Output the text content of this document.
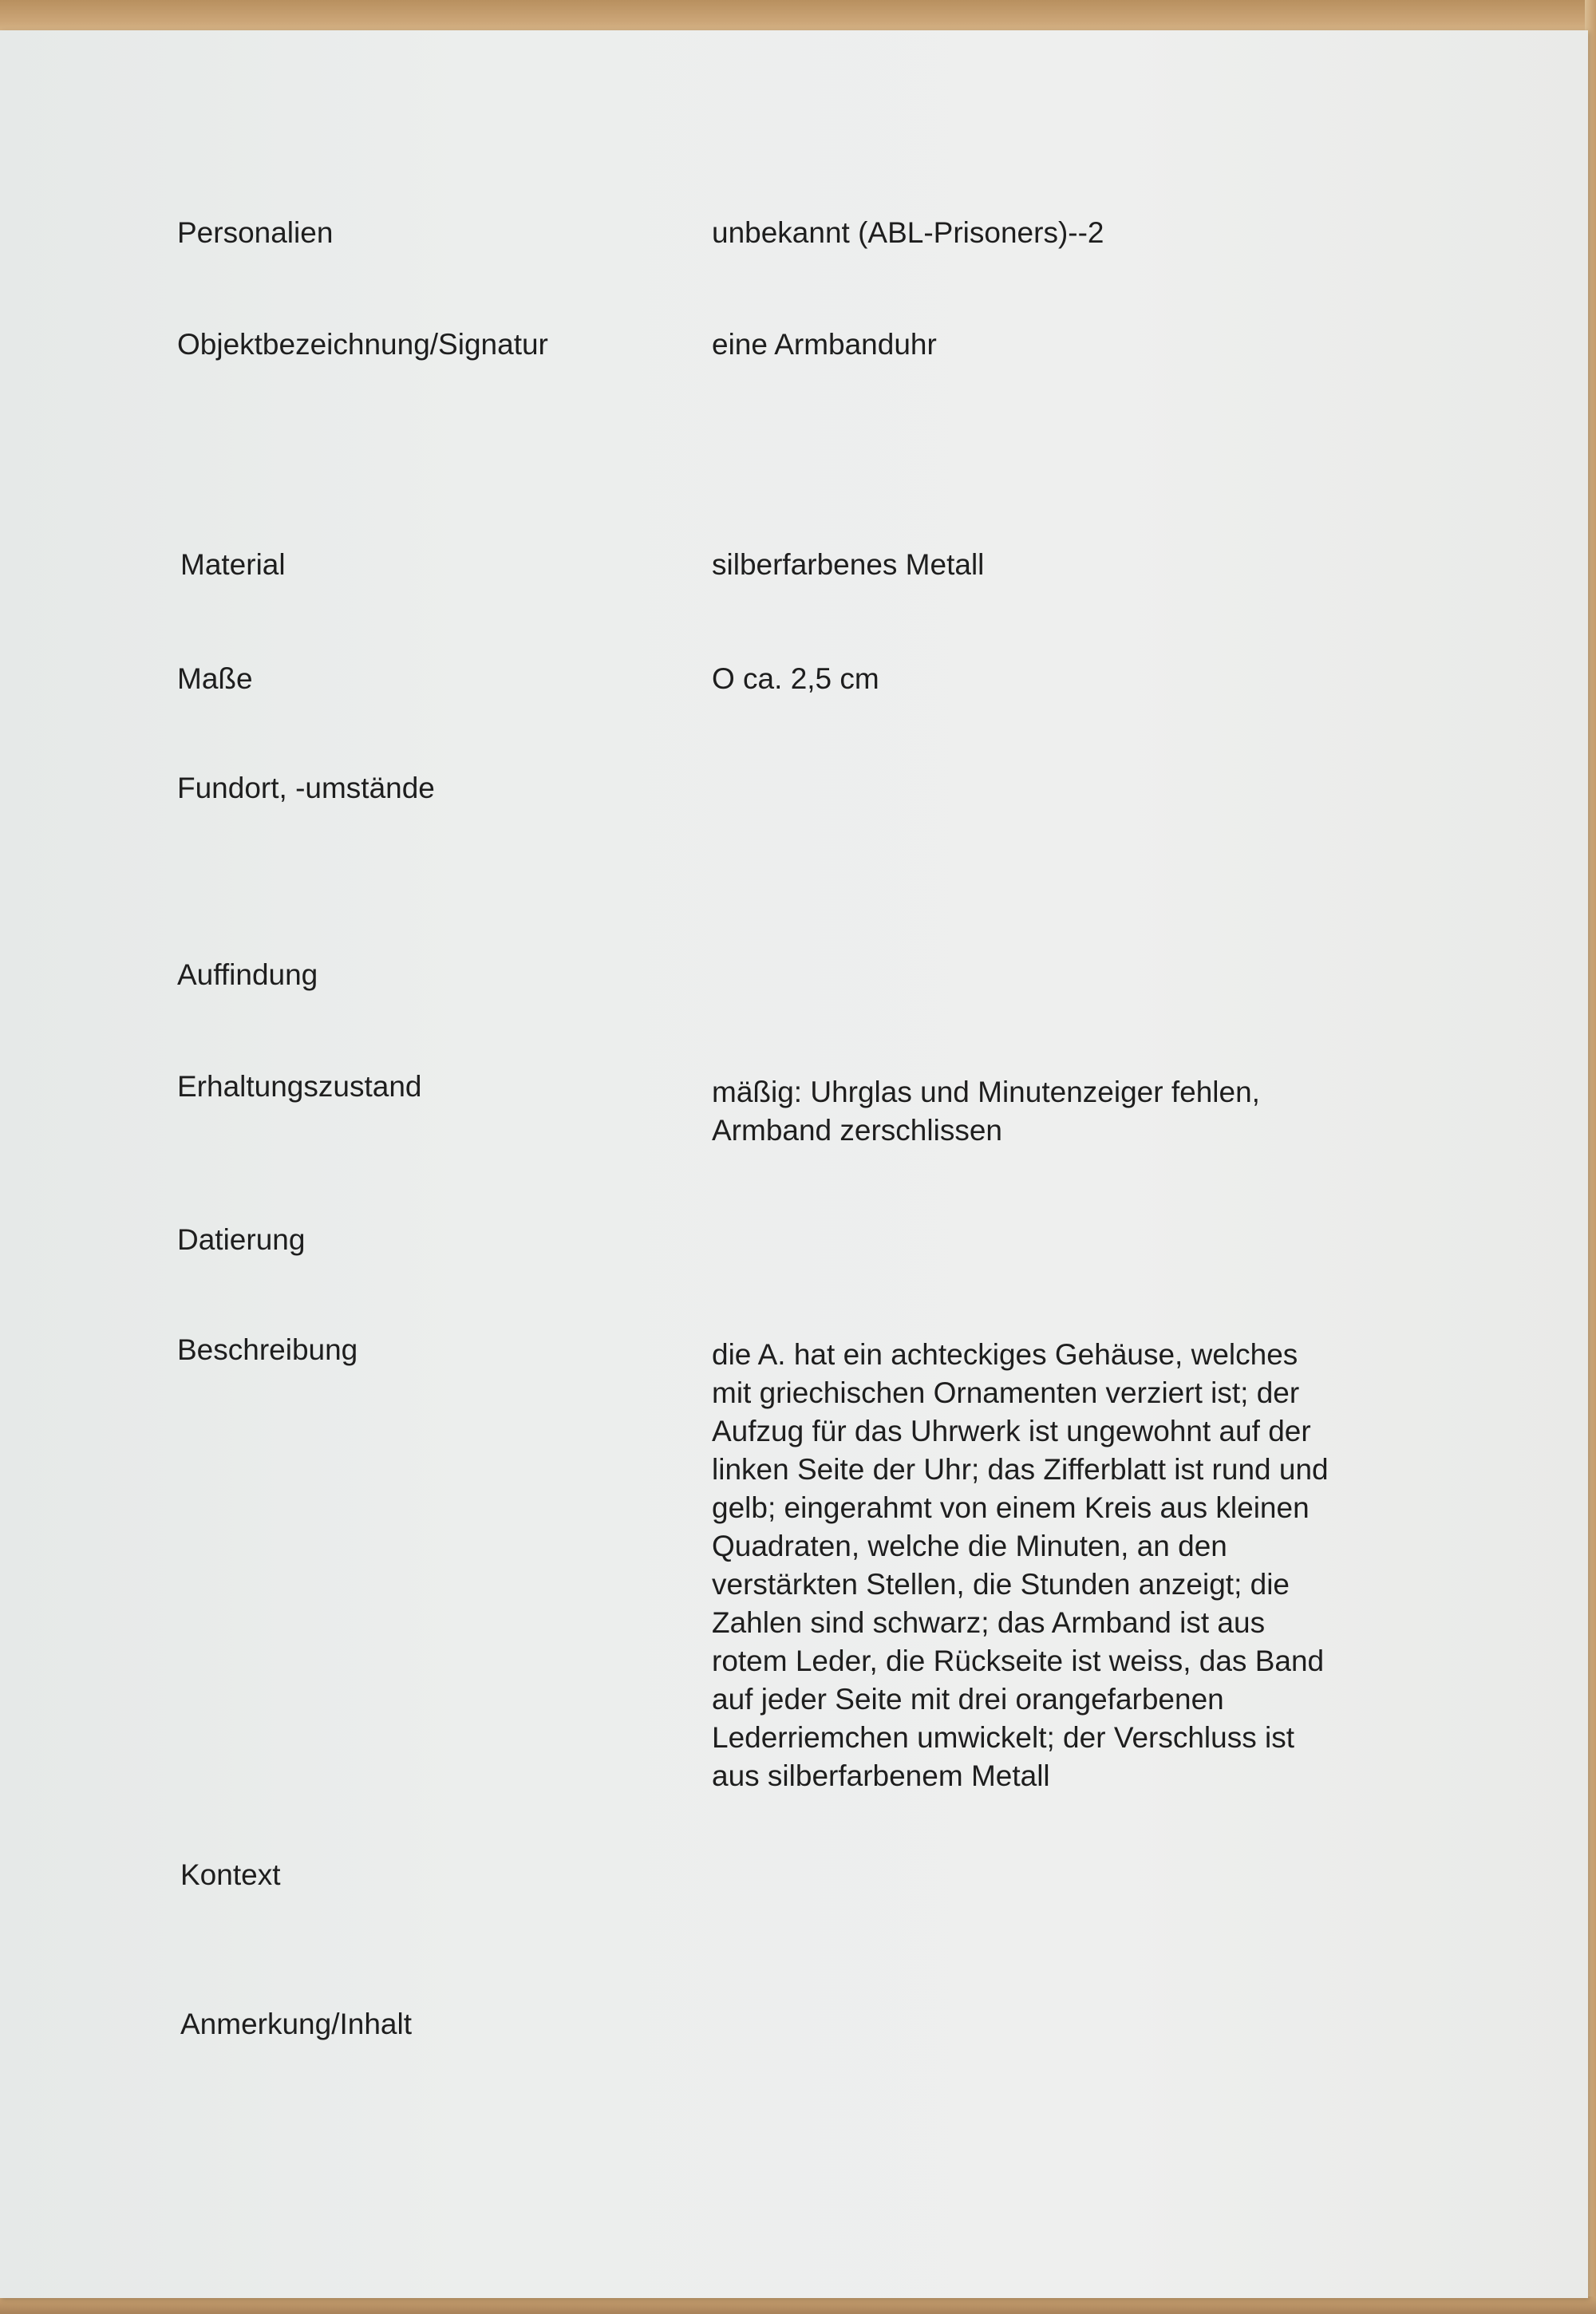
Personalien	unbekannt (ABL-Prisoners)--2
Objektbezeichnung/Signatur	eine Armbanduhr
Material	silberfarbenes Metall
Maße	O ca. 2,5 cm
Fundort, -umstände
Auffindung
Erhaltungszustand	mäßig: Uhrglas und Minutenzeiger fehlen,
Armband zerschlissen
Datierung
Beschreibung	die A. hat ein achteckiges Gehäuse, welches
mit griechischen Ornamenten verziert ist; der
Aufzug für das Uhrwerk ist ungewohnt auf der
linken Seite der Uhr; das Zifferblatt ist rund und
gelb; eingerahmt von einem Kreis aus kleinen
Quadraten, welche die Minuten, an den
verstärkten Stellen, die Stunden anzeigt; die
Zahlen sind schwarz; das Armband ist aus
rotem Leder, die Rückseite ist weiss, das Band
auf jeder Seite mit drei orangefarbenen
Lederriemchen umwickelt; der Verschluss ist
aus silberfarbenem Metall
Kontext
Anmerkung/Inhalt
